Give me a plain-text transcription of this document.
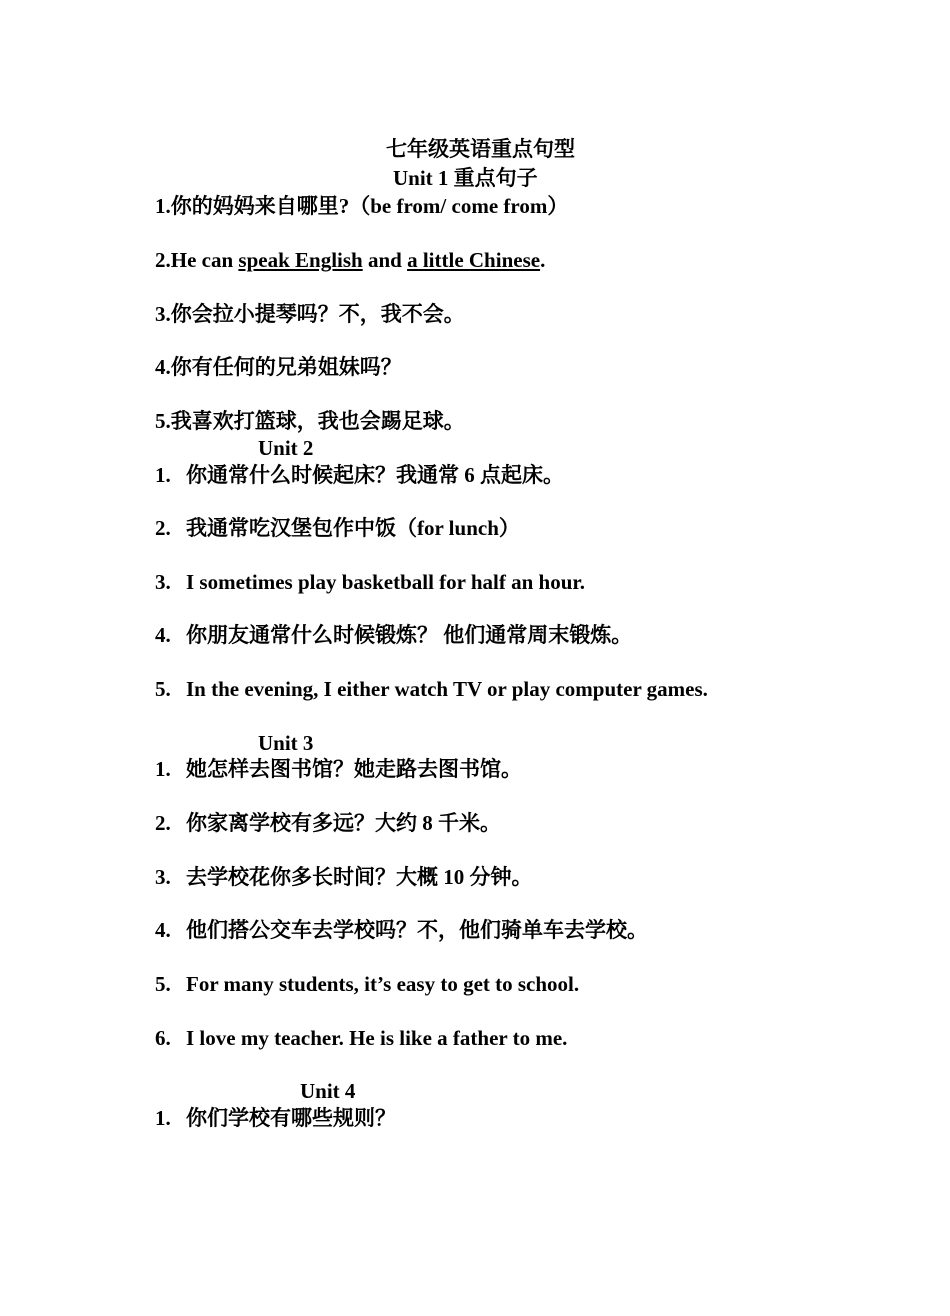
七年级英语重点句型
Unit 1 重点句子
1.你的妈妈来自哪里?（be from/ come from）
2.He can speak English and a little Chinese.
3.你会拉小提琴吗？不，我不会。
4.你有任何的兄弟姐妹吗？
5.我喜欢打篮球，我也会踢足球。
Unit 2
1. 你通常什么时候起床？我通常 6 点起床。
2. 我通常吃汉堡包作中饭（for lunch）
3. I sometimes play basketball for half an hour.
4. 你朋友通常什么时候锻炼？ 他们通常周末锻炼。
5. In the evening, I either watch TV or play computer games.
Unit 3
1. 她怎样去图书馆？她走路去图书馆。
2. 你家离学校有多远？大约 8 千米。
3. 去学校花你多长时间？大概 10 分钟。
4. 他们搭公交车去学校吗？不，他们骑单车去学校。
5. For many students, it’s easy to get to school.
6. I love my teacher. He is like a father to me.
Unit 4
1. 你们学校有哪些规则？
